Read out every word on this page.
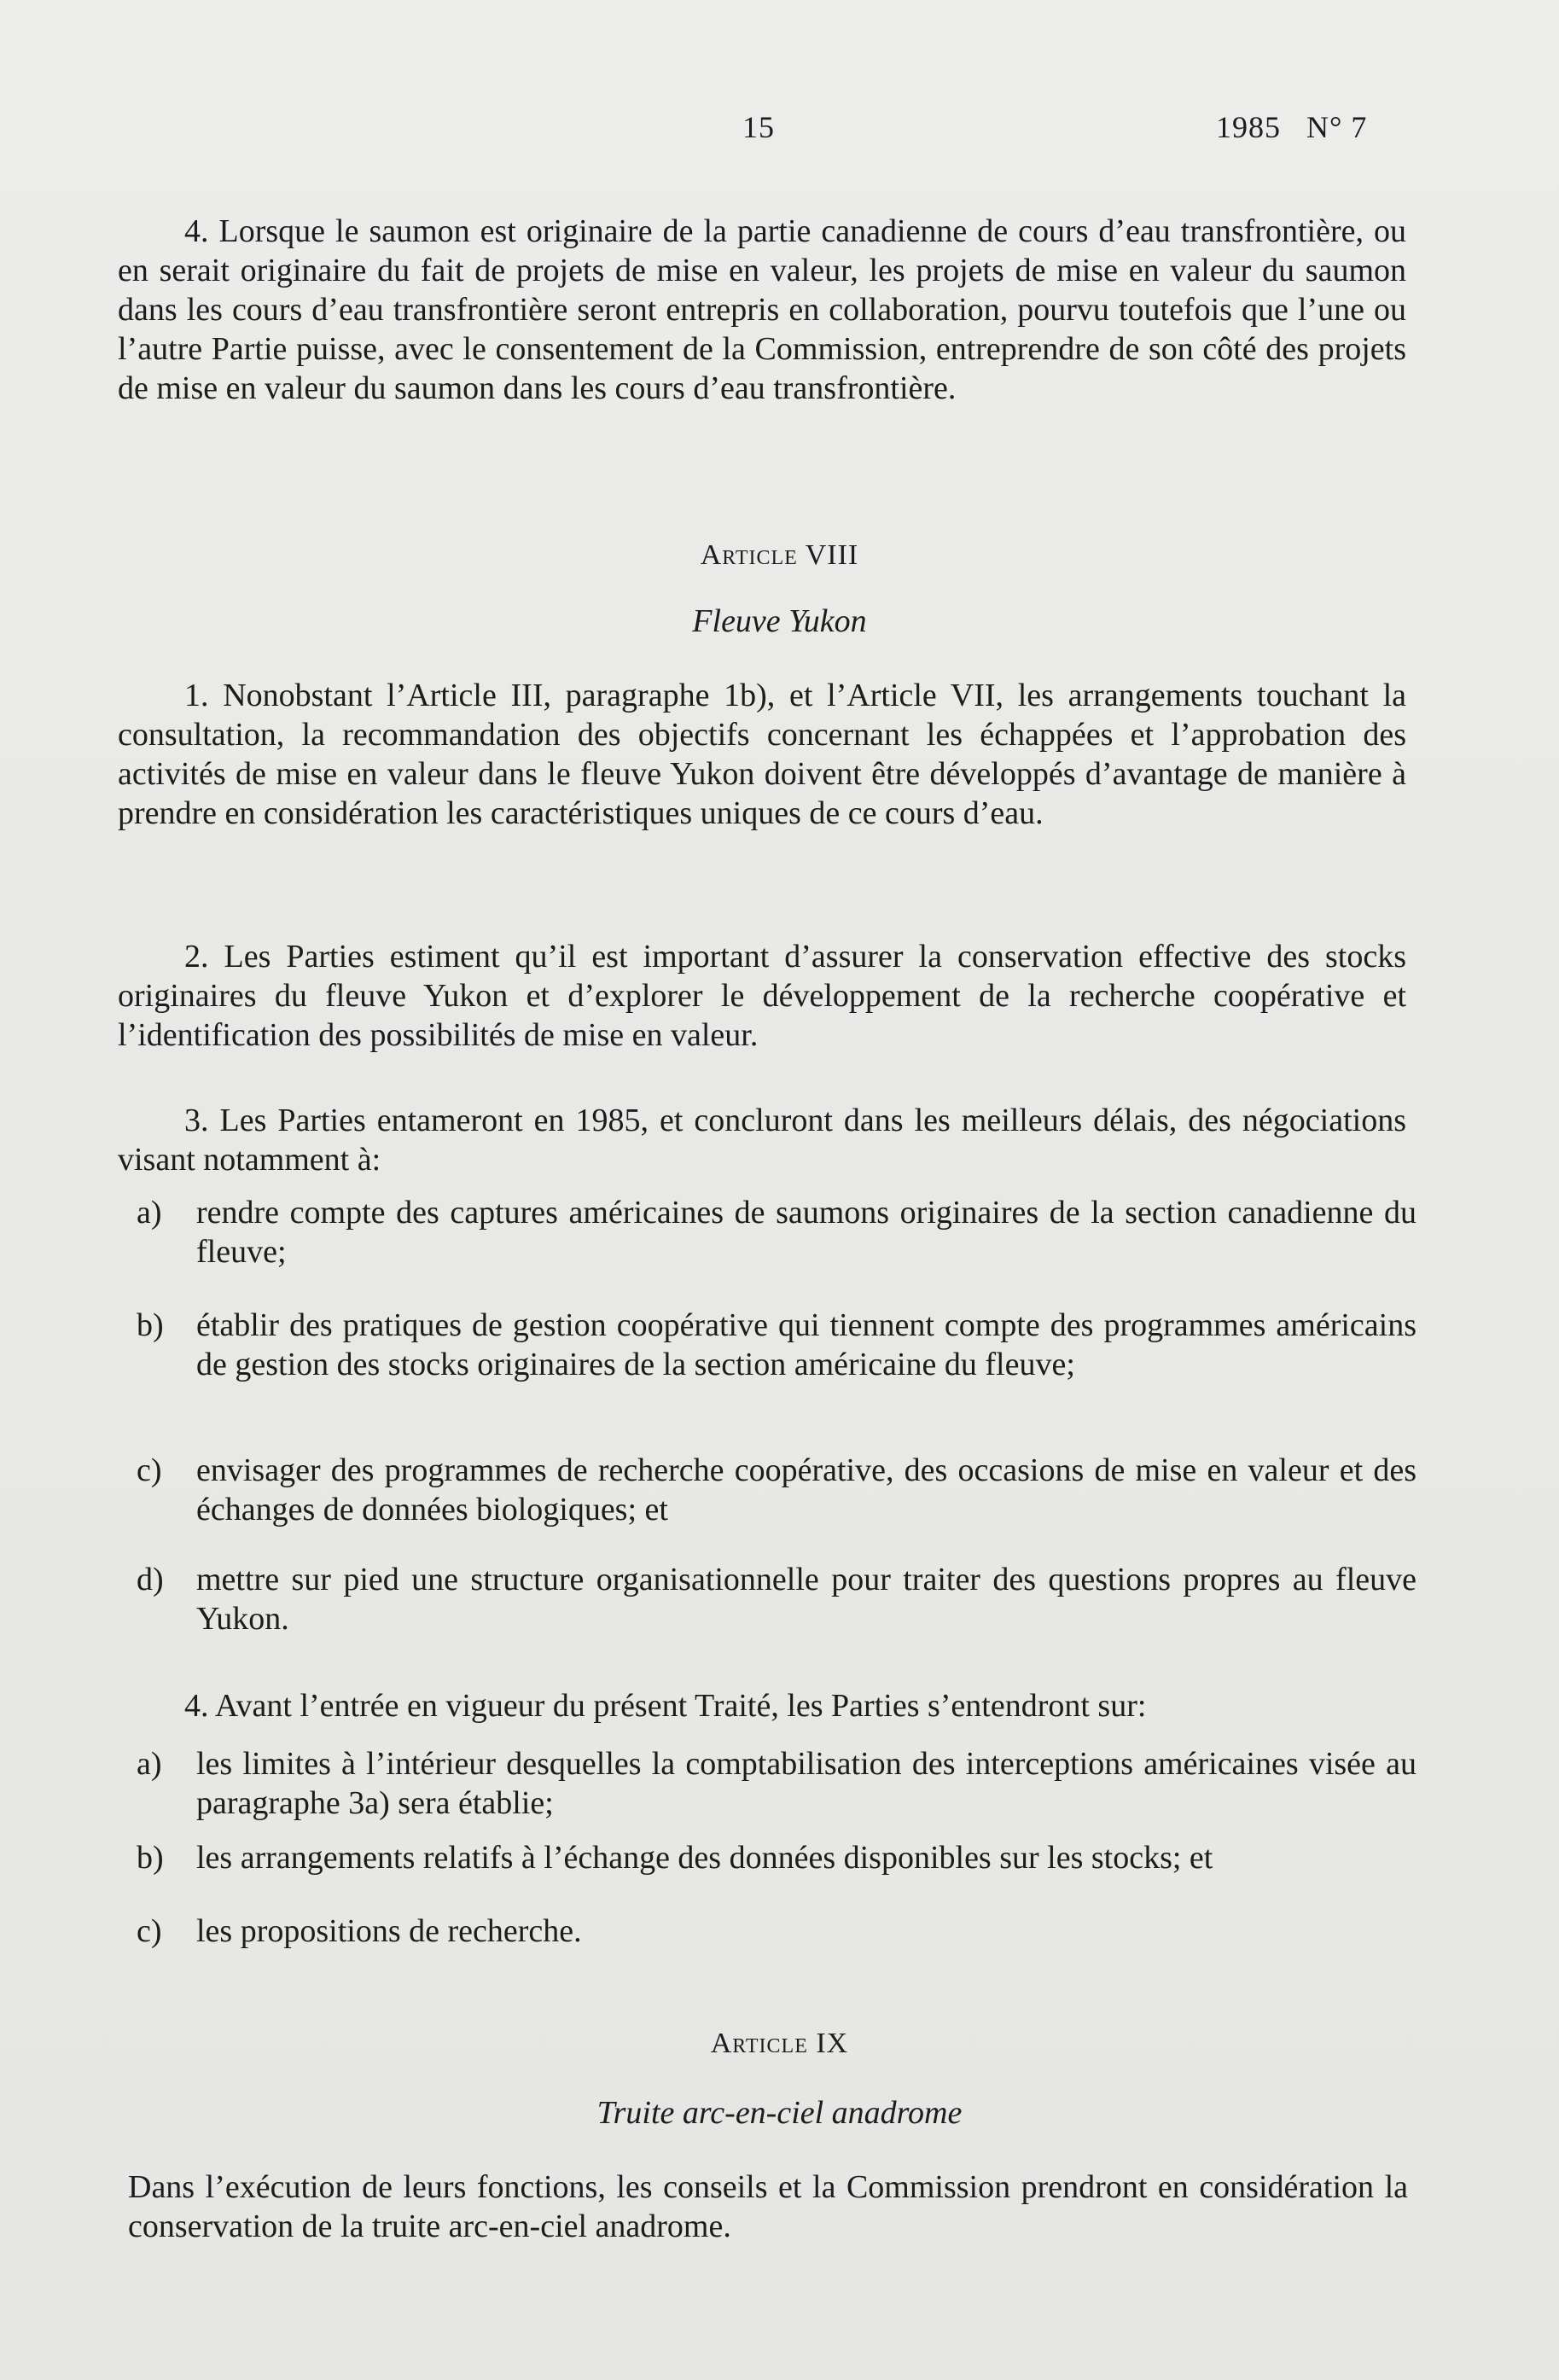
15	1985   N° 7

4. Lorsque le saumon est originaire de la partie canadienne de cours d’eau transfrontière, ou en serait originaire du fait de projets de mise en valeur, les projets de mise en valeur du saumon dans les cours d’eau transfrontière seront entrepris en collaboration, pourvu toutefois que l’une ou l’autre Partie puisse, avec le consentement de la Commission, entreprendre de son côté des projets de mise en valeur du saumon dans les cours d’eau transfrontière.

Article VIII
Fleuve Yukon

1. Nonobstant l’Article III, paragraphe 1b), et l’Article VII, les arrangements touchant la consultation, la recommandation des objectifs concernant les échappées et l’approbation des activités de mise en valeur dans le fleuve Yukon doivent être développés d’avantage de manière à prendre en considération les caractéristiques uniques de ce cours d’eau.

2. Les Parties estiment qu’il est important d’assurer la conservation effective des stocks originaires du fleuve Yukon et d’explorer le développement de la recherche coopérative et l’identification des possibilités de mise en valeur.

3. Les Parties entameront en 1985, et concluront dans les meilleurs délais, des négociations visant notamment à:

a)	rendre compte des captures américaines de saumons originaires de la section canadienne du fleuve;
b)	établir des pratiques de gestion coopérative qui tiennent compte des programmes américains de gestion des stocks originaires de la section américaine du fleuve;
c)	envisager des programmes de recherche coopérative, des occasions de mise en valeur et des échanges de données biologiques; et
d)	mettre sur pied une structure organisationnelle pour traiter des questions propres au fleuve Yukon.

4. Avant l’entrée en vigueur du présent Traité, les Parties s’entendront sur:

a)	les limites à l’intérieur desquelles la comptabilisation des interceptions américaines visée au paragraphe 3a) sera établie;
b)	les arrangements relatifs à l’échange des données disponibles sur les stocks; et
c)	les propositions de recherche.
Article IX
Truite arc-en-ciel anadrome

Dans l’exécution de leurs fonctions, les conseils et la Commission prendront en considération la conservation de la truite arc-en-ciel anadrome.
